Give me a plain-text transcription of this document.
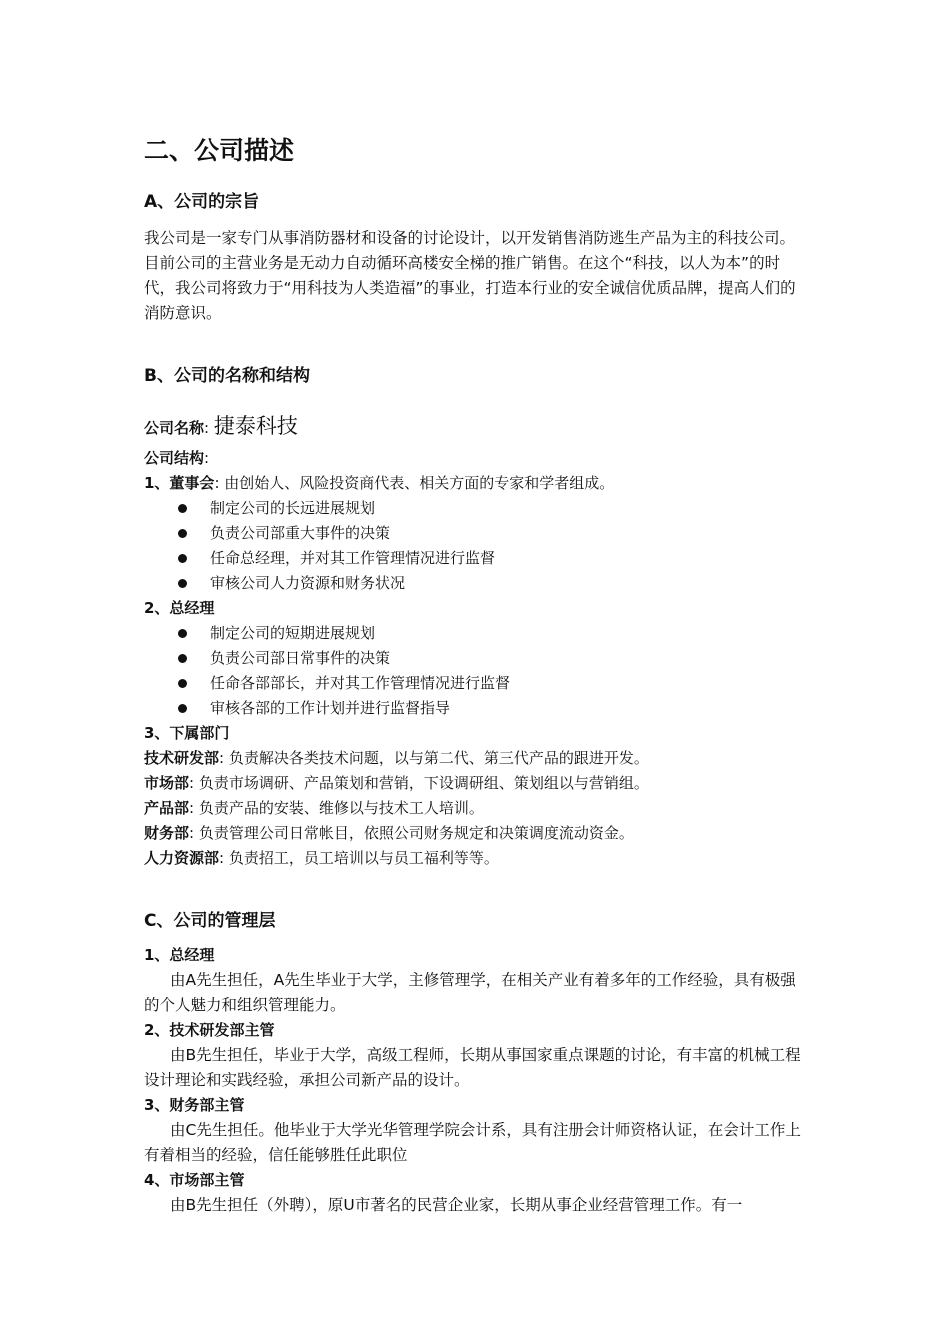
二、公司描述
A、公司的宗旨

我公司是一家专门从事消防器材和设备的讨论设计，以开发销售消防逃生产品为主的科技公司。目前公司的主营业务是无动力自动循环高楼安全梯的推广销售。在这个“科技，以人为本”的时代，我公司将致力于“用科技为人类造福”的事业，打造本行业的安全诚信优质品牌，提高人们的消防意识。

B、公司的名称和结构
公司名称: 捷泰科技
公司结构:
1、董事会: 由创始人、风险投资商代表、相关方面的专家和学者组成。
制定公司的长远进展规划
负责公司部重大事件的决策
任命总经理，并对其工作管理情况进行监督
审核公司人力资源和财务状况
2、总经理
制定公司的短期进展规划
负责公司部日常事件的决策
任命各部部长，并对其工作管理情况进行监督
审核各部的工作计划并进行监督指导
3、下属部门
技术研发部: 负责解决各类技术问题，以与第二代、第三代产品的跟进开发。
市场部: 负责市场调研、产品策划和营销，下设调研组、策划组以与营销组。
产品部: 负责产品的安装、维修以与技术工人培训。
财务部: 负责管理公司日常帐目，依照公司财务规定和决策调度流动资金。
人力资源部: 负责招工，员工培训以与员工福利等等。
C、公司的管理层
1、总经理

由A先生担任，A先生毕业于大学，主修管理学，在相关产业有着多年的工作经验，具有极强的个人魅力和组织管理能力。

2、技术研发部主管

由B先生担任，毕业于大学，高级工程师，长期从事国家重点课题的讨论，有丰富的机械工程设计理论和实践经验，承担公司新产品的设计。

3、财务部主管

由C先生担任。他毕业于大学光华管理学院会计系，具有注册会计师资格认证，在会计工作上有着相当的经验，信任能够胜任此职位

4、市场部主管

由B先生担任（外聘），原U市著名的民营企业家，长期从事企业经营管理工作。有一
